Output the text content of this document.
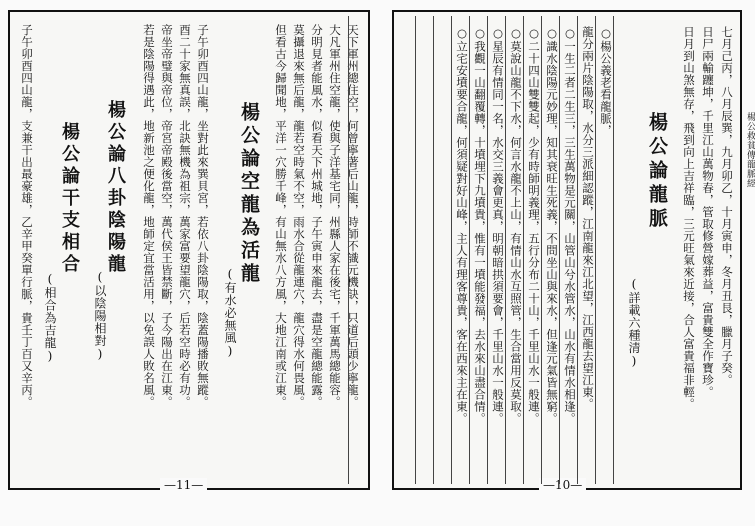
—11—
天下軍州總住空，何曾寧著后山龍，時師不識元機訣，只道后頭少寧龍。
大凡軍州住空龍，使與子洋基宅同，州縣人家在後宅，千軍萬馬總能容。
分明見者能風水，似看天下州城地，子午寅申來龍去，盡是空龍總能露。
莫攝退來無后龍，龍若空時氣不空，雨水合從龍連穴，龍穴得水何畏風。
但看古今歸聞地，平洋一穴勝千峰，有山無水八方風，大地江南或江東。
楊公論空龍為活龍
(有水必無風)
子午卯酉四山龍，坐對此來巽貝宮，若依八卦陰陽取，陰蓋陽播敗無蹤。
酉二十家無真誤，北訣無機為祖宗，萬家富要望龍穴，后若空時必有功。
帝坐帝璧與帝位，帝宮帝殿後當空，萬代侯王皆禁斷，子今陽出在江東。
若是陰陽得遇此，地新池之便化龍，地師定宜當活用，以免誤人敗名風。
楊公論八卦陰陽龍
(以陰陽相對)
楊公論干支相合
(相合為吉龍)
子午卯酉四山龍，支兼干出最豪雄，乙辛甲癸單行脈，貴壬丁百又辛丙。	楊公救貧傳龍脈經
—10—
七月己丙，八月辰巽，九月卯乙，十月寅申，冬月丑艮，臘月子癸。
日尸兩輸躔坤，千里江山萬物春，管取修營嫁葬益，富貴雙全作寶珍。
日月到山煞無存，飛到向上吉祥臨，三元旺氣來近接，合人富貴福非輕。
楊公論龍脈
(詳載六種清)
○楊公義老看龍脈，
龍分兩片陰陽取，水分三派細認蹤，江南龍來江北望，江西龍去望江東。
○一生二者二生三，三生萬物是元關，山管山兮水管水，山水有情水相逢。
○識水陰陽元妙理，知其衰旺生死義，不問坐山與來水，但逢元氣皆無窮。
○二十四山雙雙起，少有時師明義理，五行分布二十山，千里山水一般連。
○莫說山龍不下水，何言水龍不上山，有情山水互照管，生合當用反莫取。
○星辰有情同一名，水交三義會更真，明朝暗拱須要會，千里山水一般連。
○我觀一山翻覆轉，十墳埋下九墳貴，惟有一墳能發福，去水來山盡合情。
○立宅安墳要合龍，何須疑對好山峰，主人有理客尊貴，客在西來主在東。
